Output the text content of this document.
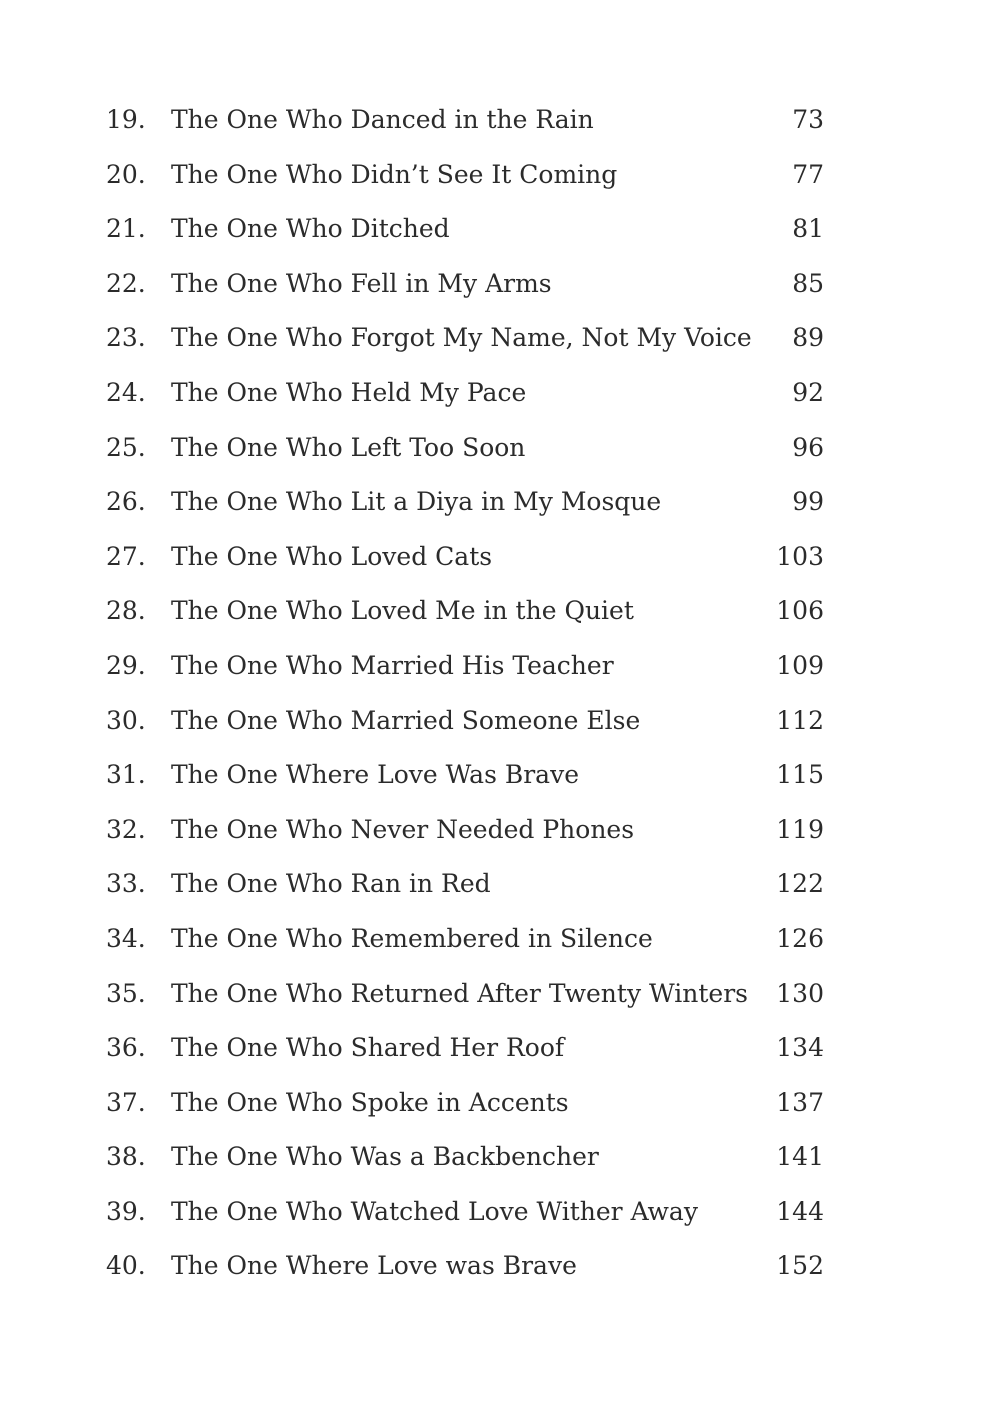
19.	The One Who Danced in the Rain	73
20.	The One Who Didn’t See It Coming	77
21.	The One Who Ditched	81
22.	The One Who Fell in My Arms	85
23.	The One Who Forgot My Name, Not My Voice 89
24.	The One Who Held My Pace	92
25.	The One Who Left Too Soon	96
26.	The One Who Lit a Diya in My Mosque	99
27.	The One Who Loved Cats	103
28.	The One Who Loved Me in the Quiet	106
29.	The One Who Married His Teacher	109
30.	The One Who Married Someone Else	112
31.	The One Where Love Was Brave	115
32.	The One Who Never Needed Phones	119
33.	The One Who Ran in Red	122
34.	The One Who Remembered in Silence	126
35.	The One Who Returned After Twenty Winters 130
36.	The One Who Shared Her Roof	134
37.	The One Who Spoke in Accents	137
38.	The One Who Was a Backbencher	141
39.	The One Who Watched Love Wither Away	144
40.	The One Where Love was Brave	152
